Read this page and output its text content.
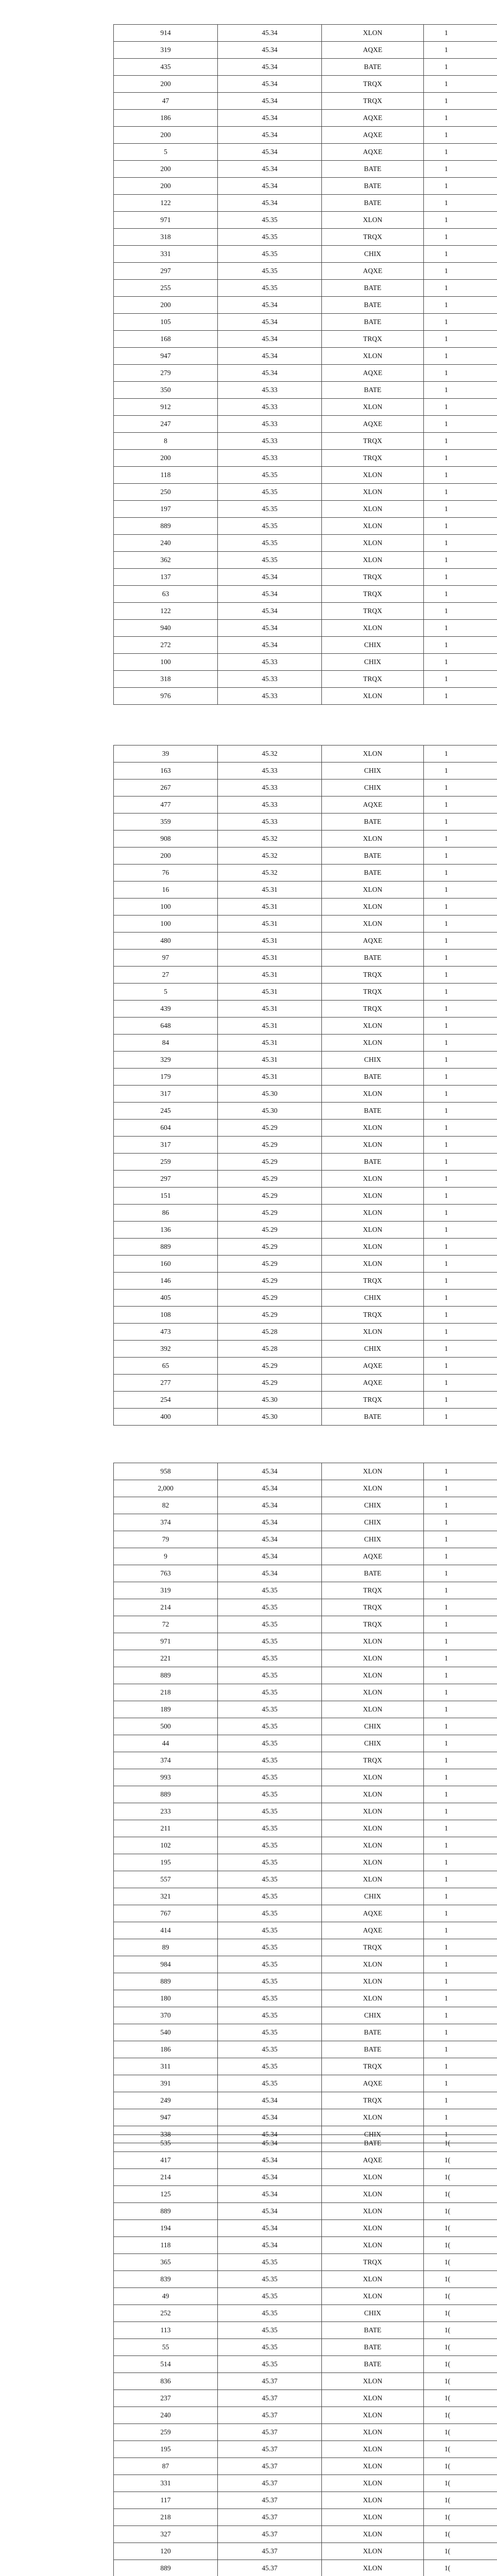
914	45.34	XLON	1
319	45.34	AQXE	1
435	45.34	BATE	1
200	45.34	TRQX	1
47	45.34	TRQX	1
186	45.34	AQXE	1
200	45.34	AQXE	1
5	45.34	AQXE	1
200	45.34	BATE	1
200	45.34	BATE	1
122	45.34	BATE	1
971	45.35	XLON	1
318	45.35	TRQX	1
331	45.35	CHIX	1
297	45.35	AQXE	1
255	45.35	BATE	1
200	45.34	BATE	1
105	45.34	BATE	1
168	45.34	TRQX	1
947	45.34	XLON	1
279	45.34	AQXE	1
350	45.33	BATE	1
912	45.33	XLON	1
247	45.33	AQXE	1
8	45.33	TRQX	1
200	45.33	TRQX	1
118	45.35	XLON	1
250	45.35	XLON	1
197	45.35	XLON	1
889	45.35	XLON	1
240	45.35	XLON	1
362	45.35	XLON	1
137	45.34	TRQX	1
63	45.34	TRQX	1
122	45.34	TRQX	1
940	45.34	XLON	1
272	45.34	CHIX	1
100	45.33	CHIX	1
318	45.33	TRQX	1
976	45.33	XLON	1
39	45.32	XLON	1
163	45.33	CHIX	1
267	45.33	CHIX	1
477	45.33	AQXE	1
359	45.33	BATE	1
908	45.32	XLON	1
200	45.32	BATE	1
76	45.32	BATE	1
16	45.31	XLON	1
100	45.31	XLON	1
100	45.31	XLON	1
480	45.31	AQXE	1
97	45.31	BATE	1
27	45.31	TRQX	1
5	45.31	TRQX	1
439	45.31	TRQX	1
648	45.31	XLON	1
84	45.31	XLON	1
329	45.31	CHIX	1
179	45.31	BATE	1
317	45.30	XLON	1
245	45.30	BATE	1
604	45.29	XLON	1
317	45.29	XLON	1
259	45.29	BATE	1
297	45.29	XLON	1
151	45.29	XLON	1
86	45.29	XLON	1
136	45.29	XLON	1
889	45.29	XLON	1
160	45.29	XLON	1
146	45.29	TRQX	1
405	45.29	CHIX	1
108	45.29	TRQX	1
473	45.28	XLON	1
392	45.28	CHIX	1
65	45.29	AQXE	1
277	45.29	AQXE	1
254	45.30	TRQX	1
400	45.30	BATE	1
958	45.34	XLON	1
2,000	45.34	XLON	1
82	45.34	CHIX	1
374	45.34	CHIX	1
79	45.34	CHIX	1
9	45.34	AQXE	1
763	45.34	BATE	1
319	45.35	TRQX	1
214	45.35	TRQX	1
72	45.35	TRQX	1
971	45.35	XLON	1
221	45.35	XLON	1
889	45.35	XLON	1
218	45.35	XLON	1
189	45.35	XLON	1
500	45.35	CHIX	1
44	45.35	CHIX	1
374	45.35	TRQX	1
993	45.35	XLON	1
889	45.35	XLON	1
233	45.35	XLON	1
211	45.35	XLON	1
102	45.35	XLON	1
195	45.35	XLON	1
557	45.35	XLON	1
321	45.35	CHIX	1
767	45.35	AQXE	1
414	45.35	AQXE	1
89	45.35	TRQX	1
984	45.35	XLON	1
889	45.35	XLON	1
180	45.35	XLON	1
370	45.35	CHIX	1
540	45.35	BATE	1
186	45.35	BATE	1
311	45.35	TRQX	1
391	45.35	AQXE	1
249	45.34	TRQX	1
947	45.34	XLON	1
338	45.34	CHIX	1
535	45.34	BATE	1(
417	45.34	AQXE	1(
214	45.34	XLON	1(
125	45.34	XLON	1(
889	45.34	XLON	1(
194	45.34	XLON	1(
118	45.34	XLON	1(
365	45.35	TRQX	1(
839	45.35	XLON	1(
49	45.35	XLON	1(
252	45.35	CHIX	1(
113	45.35	BATE	1(
55	45.35	BATE	1(
514	45.35	BATE	1(
836	45.37	XLON	1(
237	45.37	XLON	1(
240	45.37	XLON	1(
259	45.37	XLON	1(
195	45.37	XLON	1(
87	45.37	XLON	1(
331	45.37	XLON	1(
117	45.37	XLON	1(
218	45.37	XLON	1(
327	45.37	XLON	1(
120	45.37	XLON	1(
889	45.37	XLON	1(
